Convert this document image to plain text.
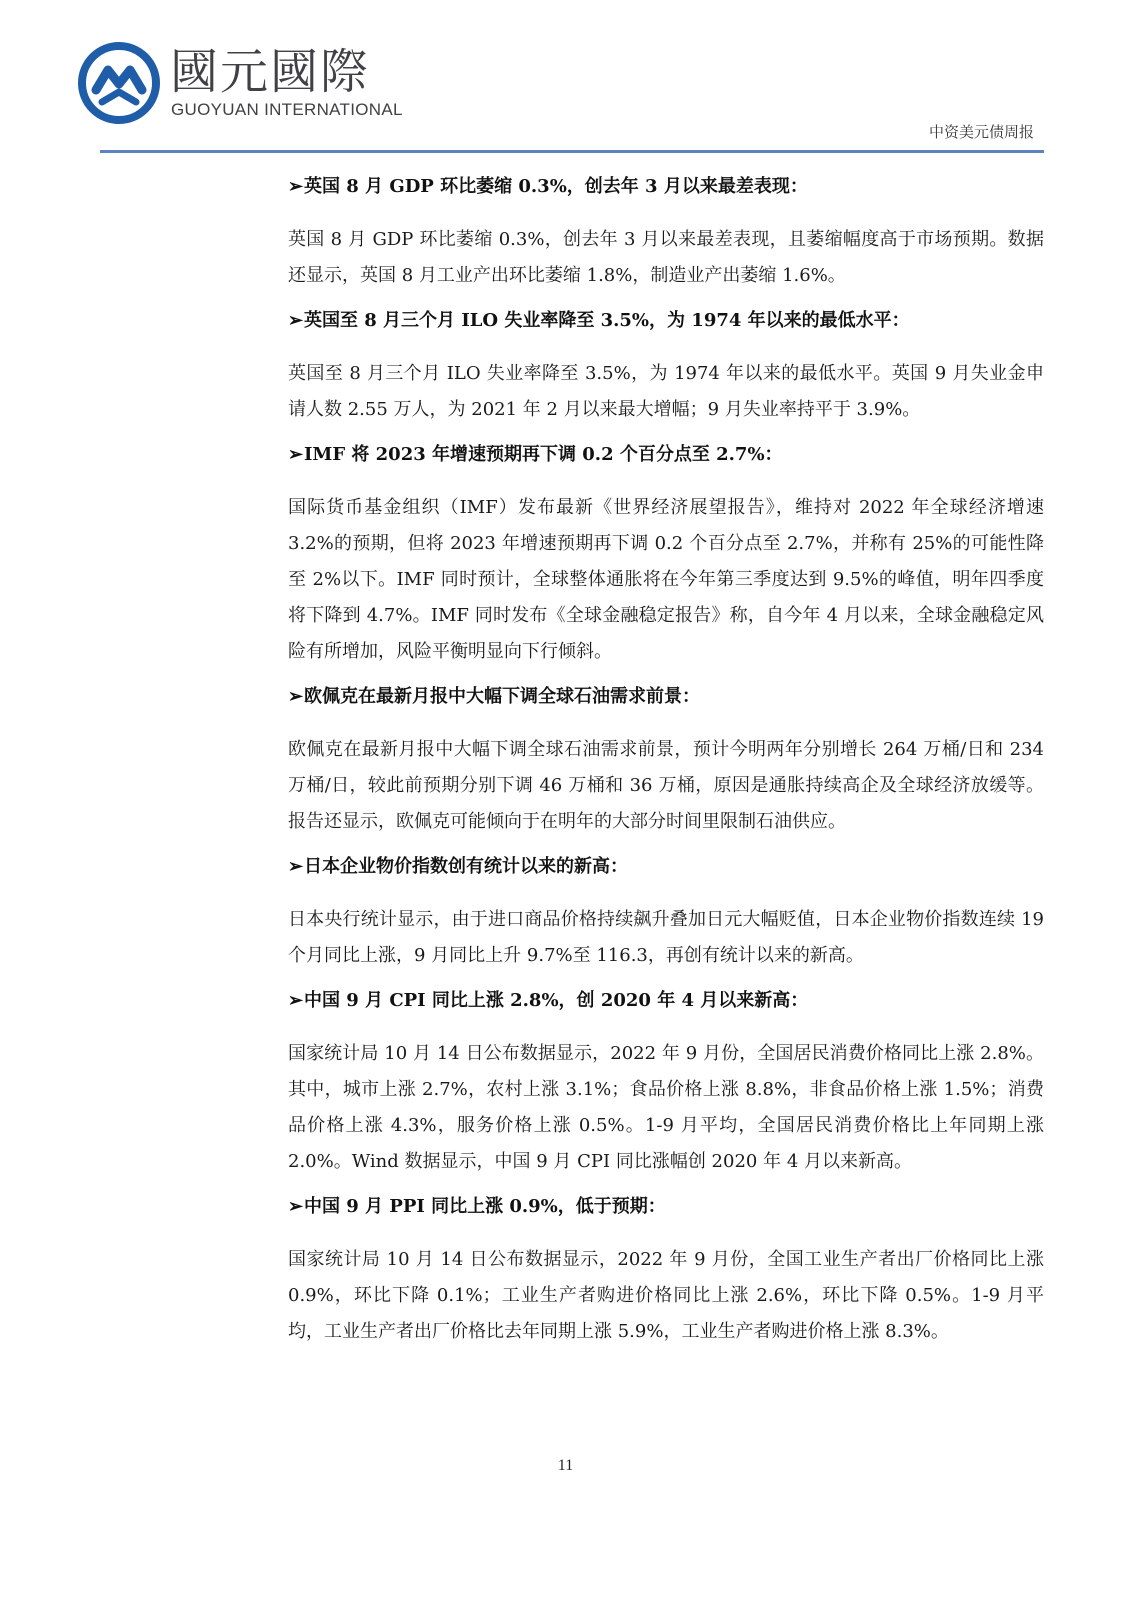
國元國際
GUOYUAN INTERNATIONAL
中资美元债周报
➢英国 8 月 GDP 环比萎缩 0.3%，创去年 3 月以来最差表现：

英国 8 月 GDP 环比萎缩 0.3%，创去年 3 月以来最差表现，且萎缩幅度高于市场预期。数据还显示，英国 8 月工业产出环比萎缩 1.8%，制造业产出萎缩 1.6%。

➢英国至 8 月三个月 ILO 失业率降至 3.5%，为 1974 年以来的最低水平：

英国至 8 月三个月 ILO 失业率降至 3.5%，为 1974 年以来的最低水平。英国 9 月失业金申请人数 2.55 万人，为 2021 年 2 月以来最大增幅；9 月失业率持平于 3.9%。

➢IMF 将 2023 年增速预期再下调 0.2 个百分点至 2.7%：

国际货币基金组织（IMF）发布最新《世界经济展望报告》，维持对 2022 年全球经济增速 3.2%的预期，但将 2023 年增速预期再下调 0.2 个百分点至 2.7%，并称有 25%的可能性降至 2%以下。IMF 同时预计，全球整体通胀将在今年第三季度达到 9.5%的峰值，明年四季度将下降到 4.7%。IMF 同时发布《全球金融稳定报告》称，自今年 4 月以来，全球金融稳定风险有所增加，风险平衡明显向下行倾斜。

➢欧佩克在最新月报中大幅下调全球石油需求前景：

欧佩克在最新月报中大幅下调全球石油需求前景，预计今明两年分别增长 264 万桶/日和 234 万桶/日，较此前预期分别下调 46 万桶和 36 万桶，原因是通胀持续高企及全球经济放缓等。报告还显示，欧佩克可能倾向于在明年的大部分时间里限制石油供应。

➢日本企业物价指数创有统计以来的新高：

日本央行统计显示，由于进口商品价格持续飙升叠加日元大幅贬值，日本企业物价指数连续 19 个月同比上涨，9 月同比上升 9.7%至 116.3，再创有统计以来的新高。

➢中国 9 月 CPI 同比上涨 2.8%，创 2020 年 4 月以来新高：

国家统计局 10 月 14 日公布数据显示，2022 年 9 月份，全国居民消费价格同比上涨 2.8%。其中，城市上涨 2.7%，农村上涨 3.1%；食品价格上涨 8.8%，非食品价格上涨 1.5%；消费品价格上涨 4.3%，服务价格上涨 0.5%。1-9 月平均，全国居民消费价格比上年同期上涨 2.0%。Wind 数据显示，中国 9 月 CPI 同比涨幅创 2020 年 4 月以来新高。

➢中国 9 月 PPI 同比上涨 0.9%，低于预期：

国家统计局 10 月 14 日公布数据显示，2022 年 9 月份，全国工业生产者出厂价格同比上涨 0.9%，环比下降 0.1%；工业生产者购进价格同比上涨 2.6%，环比下降 0.5%。1-9 月平均，工业生产者出厂价格比去年同期上涨 5.9%，工业生产者购进价格上涨 8.3%。

11
